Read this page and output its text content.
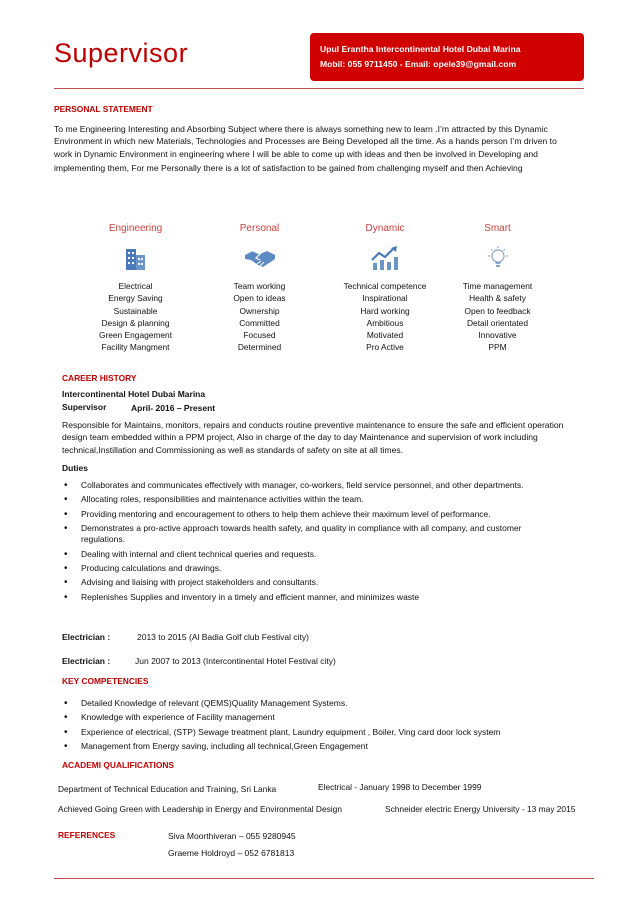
Supervisor	Upul Erantha Intercontinental Hotel Dubai Marina
Mobil: 055 9711450 - Email: opele39@gmail.com
PERSONAL STATEMENT
To me Engineering Interesting and Absorbing Subject where there is always something new to learn .I’m attracted by this Dynamic
Environment in which new Materials, Technologies and Processes are Being Developed all the time. As a hands person I’m driven to
work in Dynamic Environment in engineering where I will be able to come up with ideas and then be involved in Developing and
implementing them, For me Personally there is a lot of satisfaction to be gained from challenging myself and then Achieving
Engineering
Electrical
Energy Saving
Sustainable
Design & planning
Green Engagement
Facility Mangment
Personal
Team working
Open to ideas
Ownership
Committed
Focused
Determined
Dynamic
Technical competence
Inspirational
Hard working
Ambitious
Motivated
Pro Active
Smart
Time management
Health & safety
Open to feedback
Detail orientated
Innovative
PPM
CAREER HISTORY
Intercontinental Hotel Dubai Marina
Supervisor	April- 2016 – Present
Responsible for Maintains, monitors, repairs and conducts routine preventive maintenance to ensure the safe and efficient operation
design team embedded within a PPM project, Also in charge of the day to day Maintenance and supervision of work including
technical,Instillation and Commissioning as well as standards of safety on site at all times.
Duties
• Collaborates and communicates effectively with manager, co-workers, field service personnel, and other departments.
• Allocating roles, responsibilities and maintenance activities within the team.
• Providing mentoring and encouragement to others to help them achieve their maximum level of performance.
• Demonstrates a pro-active approach towards health safety, and quality in compliance with all company, and customer regulations.
• Dealing with internal and client technical queries and requests.
• Producing calculations and drawings.
• Advising and liaising with project stakeholders and consultants.
• Replenishes Supplies and inventory in a timely and efficient manner, and minimizes waste
Electrician :	2013 to 2015 (Al Badia Golf club Festival city)
Electrician :	Jun 2007 to 2013 (Intercontinental Hotel Festival city)
KEY COMPETENCIES
• Detailed Knowledge of relevant (QEMS)Quality Management Systems.
• Knowledge with experience of Facility management
• Experience of electrical, (STP) Sewage treatment plant, Laundry equipment , Boiler, Ving card door lock system
• Management from Energy saving, including all technical,Green Engagement
ACADEMI QUALIFICATIONS
Department of Technical Education and Training, Sri Lanka	Electrical - January 1998 to December 1999
Achieved Going Green with Leadership in Energy and Environmental Design	Schneider electric Energy University - 13 may 2015
REFERENCES	Siva Moorthiveran – 055 9280945
Graeme Holdroyd – 052 6781813
